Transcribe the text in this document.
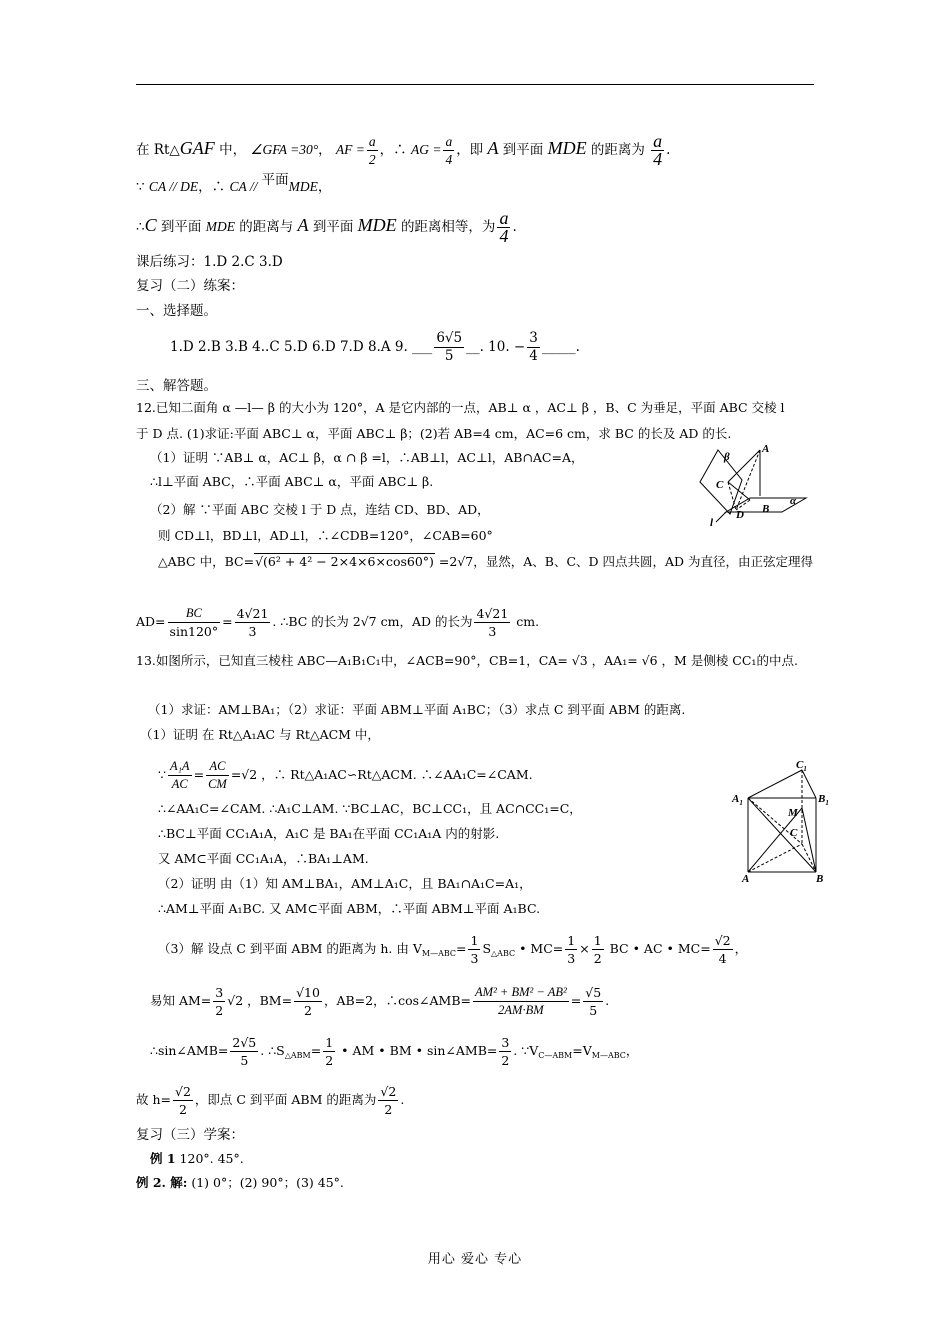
在 Rt△GAF 中， ∠GFA =30°， AF = $\frac{a}{2}$ ，∴ AG = $\frac{a}{4}$ ，即 A 到平面 MDE 的距离为 $\frac{a}{4}$ .
∵ CA // DE，∴ CA // 平面MDE，
∴C 到平面 MDE 的距离与 A 到平面 MDE 的距离相等，为 $\frac{a}{4}$ .
课后练习：1.D 2.C 3.D
复习（二）练案：
一、选择题。
1.D 2.B 3.B 4..C 5.D 6.D 7.D 8.A 9. ___ $\frac{6√5}{5}$ __. 10. − $\frac{3}{4}$ _____.
三、解答题。
12.已知二面角 α —l— β 的大小为 120°，A 是它内部的一点，AB⊥ α ，AC⊥ β ，B、C 为垂足，平面 ABC 交棱 l
于 D 点. (1)求证:平面 ABC⊥ α，平面 ABC⊥ β；(2)若 AB=4 cm，AC=6 cm，求 BC 的长及 AD 的长.
（1）证明 ∵AB⊥ α，AC⊥ β，α ∩ β =l，∴AB⊥l，AC⊥l，AB∩AC=A，
∴l⊥平面 ABC，∴平面 ABC⊥ α，平面 ABC⊥ β.
（2）解 ∵平面 ABC 交棱 l 于 D 点，连结 CD、BD、AD，
则 CD⊥l，BD⊥l，AD⊥l，∴∠CDB=120°，∠CAB=60°
△ABC 中，BC=√(6² + 4² − 2×4×6×cos60°) =2√7，显然，A、B、C、D 四点共圆，AD 为直径，由正弦定理得
$AD= \frac{BC}{\sin 120^\circ} = \frac{4√21}{3}$ . ∴BC 的长为 2√7 cm，AD 的长为 $\frac{4√21}{3}$ cm.
13.如图所示，已知直三棱柱 ABC—A₁B₁C₁中，∠ACB=90°，CB=1，CA= √3 ，AA₁= √6 ，M 是侧棱 CC₁的中点.
（1）求证：AM⊥BA₁；（2）求证：平面 ABM⊥平面 A₁BC；（3）求点 C 到平面 ABM 的距离.
（1）证明 在 Rt△A₁AC 与 Rt△ACM 中，
∵ $\frac{\text{A₁A}}{AC} = \frac{AC}{CM} =√2$ ，∴ Rt△A₁AC∽Rt△ACM. ∴∠AA₁C=∠CAM.
∴∠AA₁C=∠CAM. ∴A₁C⊥AM. ∵BC⊥AC，BC⊥CC₁，且 AC∩CC₁=C，
∴BC⊥平面 CC₁A₁A，A₁C 是 BA₁在平面 CC₁A₁A 内的射影.
又 AM⊂平面 CC₁A₁A，∴BA₁⊥AM.
（2）证明 由（1）知 AM⊥BA₁，AM⊥A₁C，且 BA₁∩A₁C=A₁，
∴AM⊥平面 A₁BC. 又 AM⊂平面 ABM，∴平面 ABM⊥平面 A₁BC.
（3）解 设点 C 到平面 ABM 的距离为 h. 由 $V_{M—ABC}= \frac{1}{3} S_{\triangle ABC}$ • $MC= \frac{1}{3} \times \frac{1}{2}$ BC • AC • $MC= \frac{√2}{4}$ ，
易知 $AM= \frac{3}{2} √2$ ，$BM= \frac{√10}{2}$ ，AB=2，∴cos∠AMB= $\frac{\text{AM² + BM² − AB²}}{2AM\cdot BM} = \frac{√5}{5}$ .
∴sin∠AMB= $\frac{2√5}{5}$ . $\therefore S_{\triangle ABM}= \frac{1}{2}$ • AM • BM • sin∠AMB= $\frac{3}{2}$ . $\because V_{C—ABM}=V_{M—ABC}$，
故 $h= \frac{√2}{2}$ ，即点 C 到平面 ABM 的距离为 $\frac{√2}{2}$ .
复习（三）学案：
例 1 120°. 45°.
例 2. 解: (1) 0°；(2) 90°；(3) 45°.
用心 爱心 专心
A
C
D B
α
β
l
$C_1$
$A_1$	$B_1$
M
C
A	B
